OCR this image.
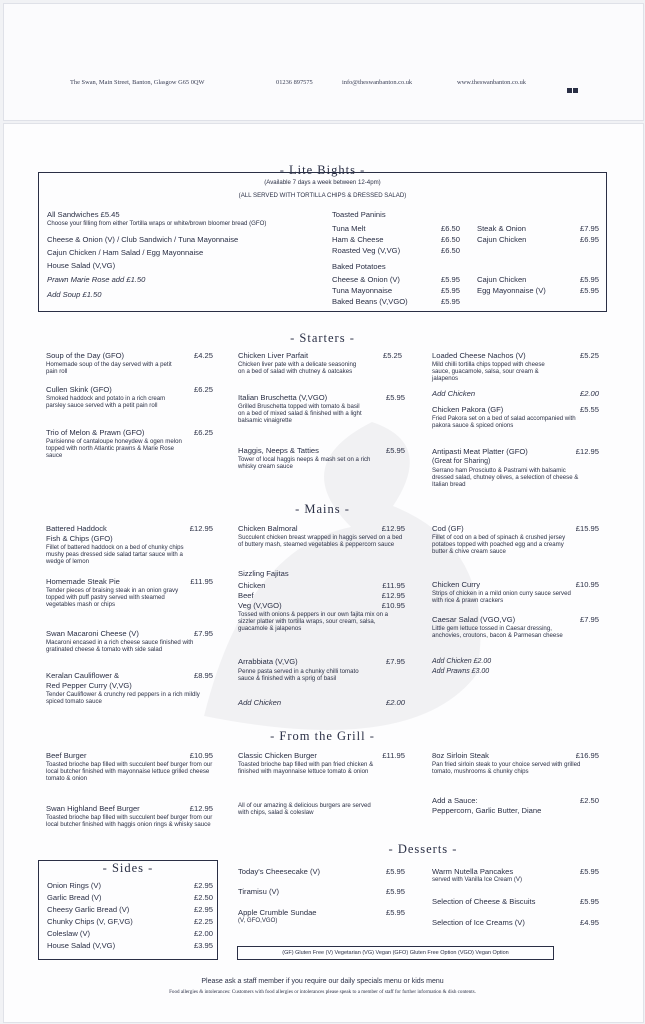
The Swan, Main Street, Banton, Glasgow G65 0QW	01236 897575	info@theswanbanton.co.uk	www.theswanbanton.co.uk
- Lite Bights -
(Available 7 days a week between 12-4pm)
(ALL SERVED WITH TORTILLA CHIPS & DRESSED SALAD)
All Sandwiches £5.45
Choose your filling from either Tortilla wraps or white/brown bloomer bread (GFO)
Cheese & Onion (V) / Club Sandwich / Tuna Mayonnaise
Cajun Chicken / Ham Salad / Egg Mayonnaise
House Salad (V,VG)
Prawn Marie Rose add £1.50
Add Soup £1.50
Toasted Paninis
Tuna Melt	£6.50
Ham & Cheese	£6.50
Roasted Veg (V,VG)	£6.50
Steak & Onion	£7.95
Cajun Chicken	£6.95
Baked Potatoes
Cheese & Onion (V)	£5.95
Tuna Mayonnaise	£5.95
Baked Beans (V,VGO)	£5.95
Cajun Chicken	£5.95
Egg Mayonnaise (V)	£5.95
- Starters -
Soup of the Day (GFO)	£4.25
Homemade soup of the day served with a petit pain roll
Cullen Skink (GFO)	£6.25
Smoked haddock and potato in a rich cream parsley sauce served with a petit pain roll
Trio of Melon & Prawn (GFO)	£6.25
Parisienne of cantaloupe honeydew & ogen melon topped with north Atlantic prawns & Marie Rose sauce
Chicken Liver Parfait	£5.25
Chicken liver pate with a delicate seasoning on a bed of salad with chutney & oatcakes
Italian Bruschetta (V,VGO)	£5.95
Grilled Bruschetta topped with tomato & basil on a bed of mixed salad & finished with a light balsamic vinaigrette
Haggis, Neeps & Tatties	£5.95
Tower of local haggis neeps & mash set on a rich whisky cream sauce
Loaded Cheese Nachos (V)	£5.25
Mild chilli tortilla chips topped with cheese sauce, guacamole, salsa, sour cream & jalapenos
Add Chicken	£2.00
Chicken Pakora (GF)	£5.55
Fried Pakora set on a bed of salad accompanied with pakora sauce & spiced onions
Antipasti Meat Platter (GFO)	£12.95
(Great for Sharing)
Serrano ham Prosciutto & Pastrami with balsamic dressed salad, chutney olives, a selection of cheese & Italian bread
- Mains -
Battered Haddock	£12.95
Fish & Chips (GFO)
Fillet of battered haddock on a bed of chunky chips mushy peas dressed side salad tartar sauce with a wedge of lemon
Homemade Steak Pie	£11.95
Tender pieces of braising steak in an onion gravy topped with puff pastry served with steamed vegetables mash or chips
Swan Macaroni Cheese (V)	£7.95
Macaroni encased in a rich cheese sauce finished with gratinated cheese & tomato with side salad
Keralan Cauliflower &	£8.95
Red Pepper Curry (V,VG)
Tender Cauliflower & crunchy red peppers in a rich mildly spiced tomato sauce
Chicken Balmoral	£12.95
Succulent chicken breast wrapped in haggis served on a bed of buttery mash, steamed vegetables & peppercorn sauce
Sizzling Fajitas
Chicken	£11.95
Beef	£12.95
Veg (V,VGO)	£10.95
Tossed with onions & peppers in our own fajita mix on a sizzler platter with tortilla wraps, sour cream, salsa, guacamole & jalapenos
Arrabbiata (V,VG)	£7.95
Penne pasta served in a chunky chilli tomato sauce & finished with a sprig of basil
Add Chicken	£2.00
Cod (GF)	£15.95
Fillet of cod on a bed of spinach & crushed jersey potatoes topped with poached egg and a creamy butter & chive cream sauce
Chicken Curry	£10.95
Strips of chicken in a mild onion curry sauce served with rice & prawn crackers
Caesar Salad (VGO,VG)	£7.95
Little gem lettuce tossed in Caesar dressing, anchovies, croutons, bacon & Parmesan cheese
Add Chicken £2.00
Add Prawns £3.00
- From the Grill -
Beef Burger	£10.95
Toasted brioche bap filled with succulent beef burger from our local butcher finished with mayonnaise lettuce grilled cheese tomato & onion
Swan Highland Beef Burger	£12.95
Toasted brioche bap filled with succulent beef burger from our local butcher finished with haggis onion rings & whisky sauce
Classic Chicken Burger	£11.95
Toasted brioche bap filled with pan fried chicken & finished with mayonnaise lettuce tomato & onion
All of our amazing & delicious burgers are served with chips, salad & coleslaw
8oz Sirloin Steak	£16.95
Pan fried sirloin steak to your choice served with grilled tomato, mushrooms & chunky chips
Add a Sauce:	£2.50
Peppercorn, Garlic Butter, Diane
- Sides -
Onion Rings (V)	£2.95
Garlic Bread (V)	£2.50
Cheesy Garlic Bread (V)	£2.95
Chunky Chips (V, GF,VG)	£2.25
Coleslaw (V)	£2.00
House Salad (V,VG)	£3.95
- Desserts -
Today's Cheesecake (V)	£5.95
Tiramisu (V)	£5.95
Apple Crumble Sundae	£5.95
(V, GFO,VGO)
Warm Nutella Pancakes	£5.95
served with Vanilla Ice Cream (V)
Selection of Cheese & Biscuits	£5.95
Selection of Ice Creams (V)	£4.95
(GF) Gluten Free (V) Vegetarian (VG) Vegan (GFO) Gluten Free Option (VGO) Vegan Option
Please ask a staff member if you require our daily specials menu or kids menu
Food allergies & intolerances: Customers with food allergies or intolerances please speak to a member of staff for further information & dish contents.
